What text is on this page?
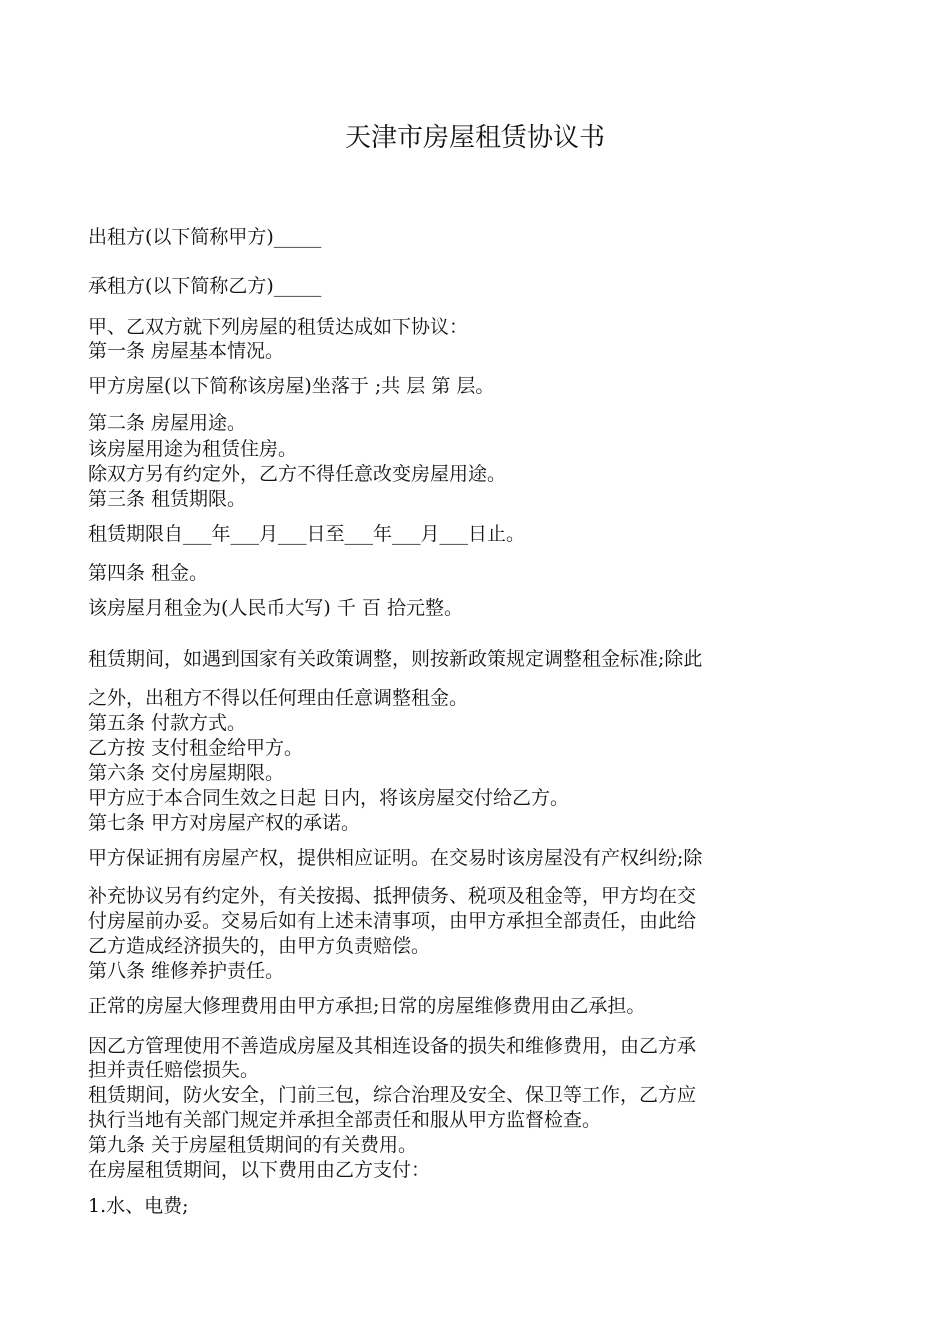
天津市房屋租赁协议书

出租方(以下简称甲方)_____

承租方(以下简称乙方)_____

甲、乙双方就下列房屋的租赁达成如下协议：

第一条 房屋基本情况。

甲方房屋(以下简称该房屋)坐落于 ;共 层 第 层。

第二条 房屋用途。

该房屋用途为租赁住房。

除双方另有约定外，乙方不得任意改变房屋用途。

第三条 租赁期限。

租赁期限自___年___月___日至___年___月___日止。

第四条 租金。

该房屋月租金为(人民币大写) 千 百 拾元整。

租赁期间，如遇到国家有关政策调整，则按新政策规定调整租金标准;除此

之外，出租方不得以任何理由任意调整租金。

第五条 付款方式。

乙方按 支付租金给甲方。

第六条 交付房屋期限。

甲方应于本合同生效之日起 日内，将该房屋交付给乙方。

第七条 甲方对房屋产权的承诺。

甲方保证拥有房屋产权，提供相应证明。在交易时该房屋没有产权纠纷;除

补充协议另有约定外，有关按揭、抵押债务、税项及租金等，甲方均在交

付房屋前办妥。交易后如有上述未清事项，由甲方承担全部责任，由此给

乙方造成经济损失的，由甲方负责赔偿。

第八条 维修养护责任。

正常的房屋大修理费用由甲方承担;日常的房屋维修费用由乙承担。

因乙方管理使用不善造成房屋及其相连设备的损失和维修费用，由乙方承

担并责任赔偿损失。

租赁期间，防火安全，门前三包，综合治理及安全、保卫等工作，乙方应

执行当地有关部门规定并承担全部责任和服从甲方监督检查。

第九条 关于房屋租赁期间的有关费用。

在房屋租赁期间，以下费用由乙方支付：

1.水、电费;
